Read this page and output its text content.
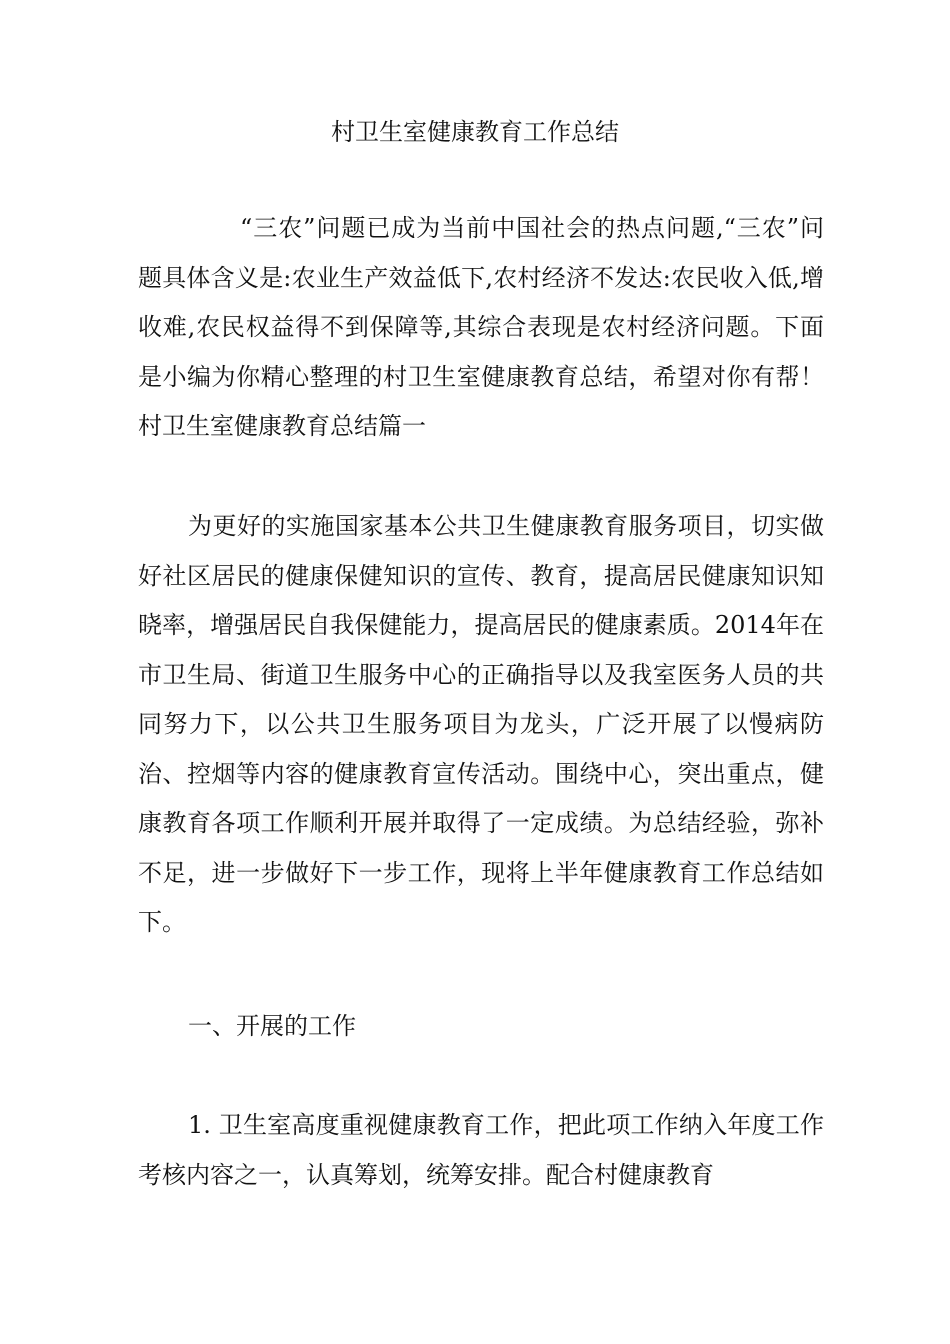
村卫生室健康教育工作总结

“三农”问题已成为当前中国社会的热点问题,“三农”问题具体含义是:农业生产效益低下,农村经济不发达:农民收入低,增收难,农民权益得不到保障等,其综合表现是农村经济问题。下面是小编为你精心整理的村卫生室健康教育总结，希望对你有帮！村卫生室健康教育总结篇一

为更好的实施国家基本公共卫生健康教育服务项目，切实做好社区居民的健康保健知识的宣传、教育，提高居民健康知识知晓率，增强居民自我保健能力，提高居民的健康素质。2014年在市卫生局、街道卫生服务中心的正确指导以及我室医务人员的共同努力下，以公共卫生服务项目为龙头，广泛开展了以慢病防治、控烟等内容的健康教育宣传活动。围绕中心，突出重点，健康教育各项工作顺利开展并取得了一定成绩。为总结经验，弥补不足，进一步做好下一步工作，现将上半年健康教育工作总结如下。

一、开展的工作

1. 卫生室高度重视健康教育工作，把此项工作纳入年度工作考核内容之一，认真筹划，统筹安排。配合村健康教育
